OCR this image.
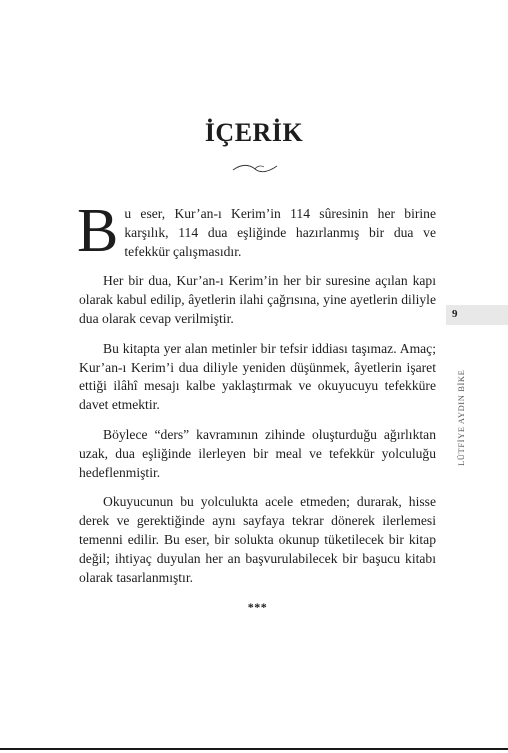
İÇERİK

Bu eser, Kur’an-ı Kerim’in 114 sûresinin her birine karşılık, 114 dua eşliğinde hazırlanmış bir dua ve tefekkür çalışmasıdır.

Her bir dua, Kur’an-ı Kerim’in her bir suresine açılan kapı olarak kabul edilip, âyetlerin ilahi çağrısına, yine ayetlerin diliyle dua olarak cevap verilmiştir.

Bu kitapta yer alan metinler bir tefsir iddiası taşımaz. Amaç; Kur’an-ı Kerim’i dua diliyle yeniden düşünmek, âyetlerin işaret ettiği ilâhî mesajı kalbe yaklaştırmak ve okuyucuyu tefekküre davet etmektir.

Böylece “ders” kavramının zihinde oluşturduğu ağırlıktan uzak, dua eşliğinde ilerleyen bir meal ve tefekkür yolculuğu hedeflenmiştir.

Okuyucunun bu yolculukta acele etmeden; durarak, hisse derek ve gerektiğinde aynı sayfaya tekrar dönerek ilerlemesi temenni edilir. Bu eser, bir solukta okunup tüketilecek bir kitap değil; ihtiyaç duyulan her an başvurulabilecek bir başucu kitabı olarak tasarlanmıştır.

***
9
LÜTFİYE AYDIN BİKE
